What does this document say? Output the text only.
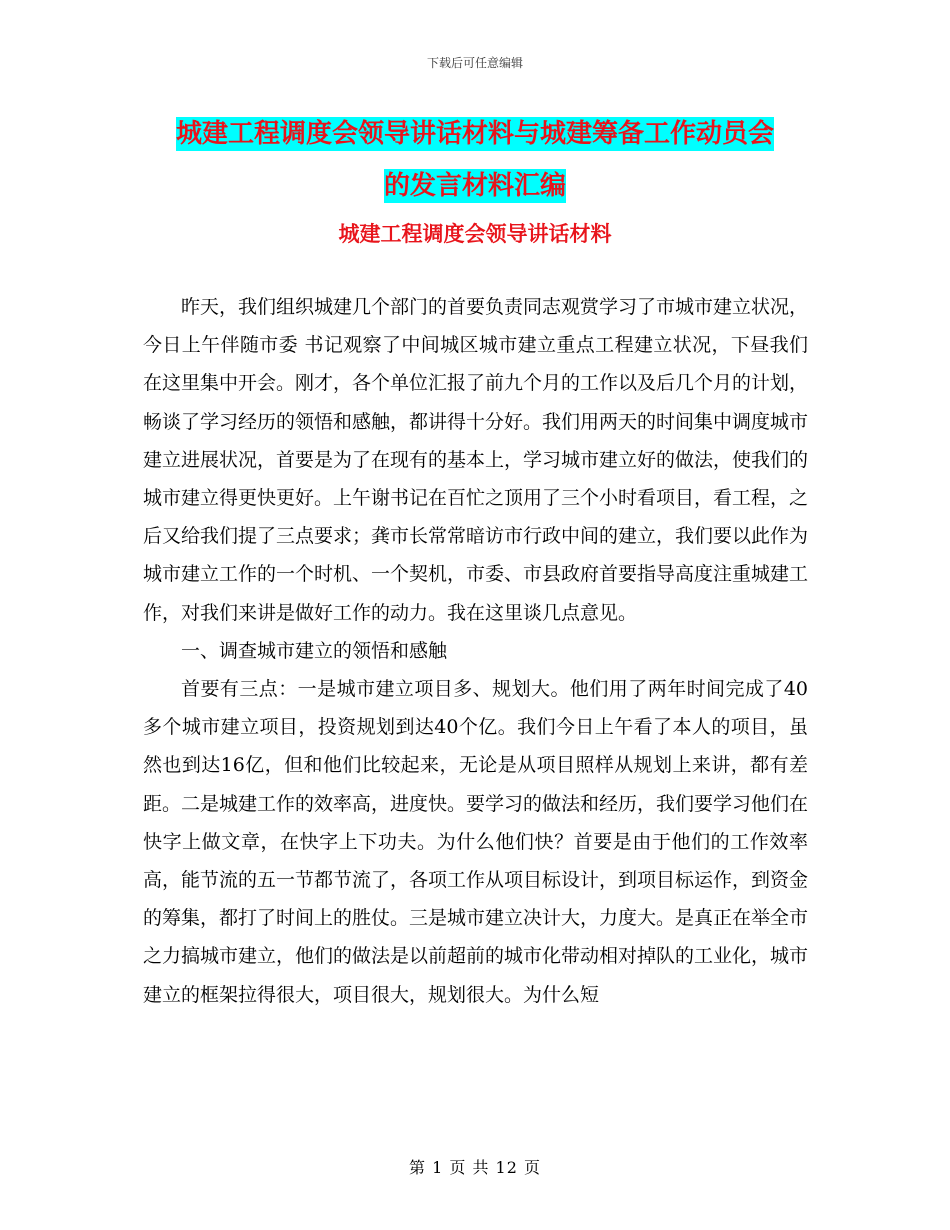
下载后可任意编辑
城建工程调度会领导讲话材料与城建筹备工作动员会
的发言材料汇编
城建工程调度会领导讲话材料

昨天，我们组织城建几个部门的首要负责同志观赏学习了市城市建立状况，今日上午伴随市委 书记观察了中间城区城市建立重点工程建立状况，下昼我们在这里集中开会。刚才，各个单位汇报了前九个月的工作以及后几个月的计划，畅谈了学习经历的领悟和感触，都讲得十分好。我们用两天的时间集中调度城市建立进展状况，首要是为了在现有的基本上，学习城市建立好的做法，使我们的城市建立得更快更好。上午谢书记在百忙之顶用了三个小时看项目，看工程，之后又给我们提了三点要求；龚市长常常暗访市行政中间的建立，我们要以此作为城市建立工作的一个时机、一个契机，市委、市县政府首要指导高度注重城建工作，对我们来讲是做好工作的动力。我在这里谈几点意见。

一、调查城市建立的领悟和感触

首要有三点：一是城市建立项目多、规划大。他们用了两年时间完成了40多个城市建立项目，投资规划到达40个亿。我们今日上午看了本人的项目，虽然也到达16亿，但和他们比较起来，无论是从项目照样从规划上来讲，都有差距。二是城建工作的效率高，进度快。要学习的做法和经历，我们要学习他们在快字上做文章，在快字上下功夫。为什么他们快？首要是由于他们的工作效率高，能节流的五一节都节流了，各项工作从项目标设计，到项目标运作，到资金的筹集，都打了时间上的胜仗。三是城市建立决计大，力度大。是真正在举全市之力搞城市建立，他们的做法是以前超前的城市化带动相对掉队的工业化，城市建立的框架拉得很大，项目很大，规划很大。为什么短

第 1 页 共 12 页
